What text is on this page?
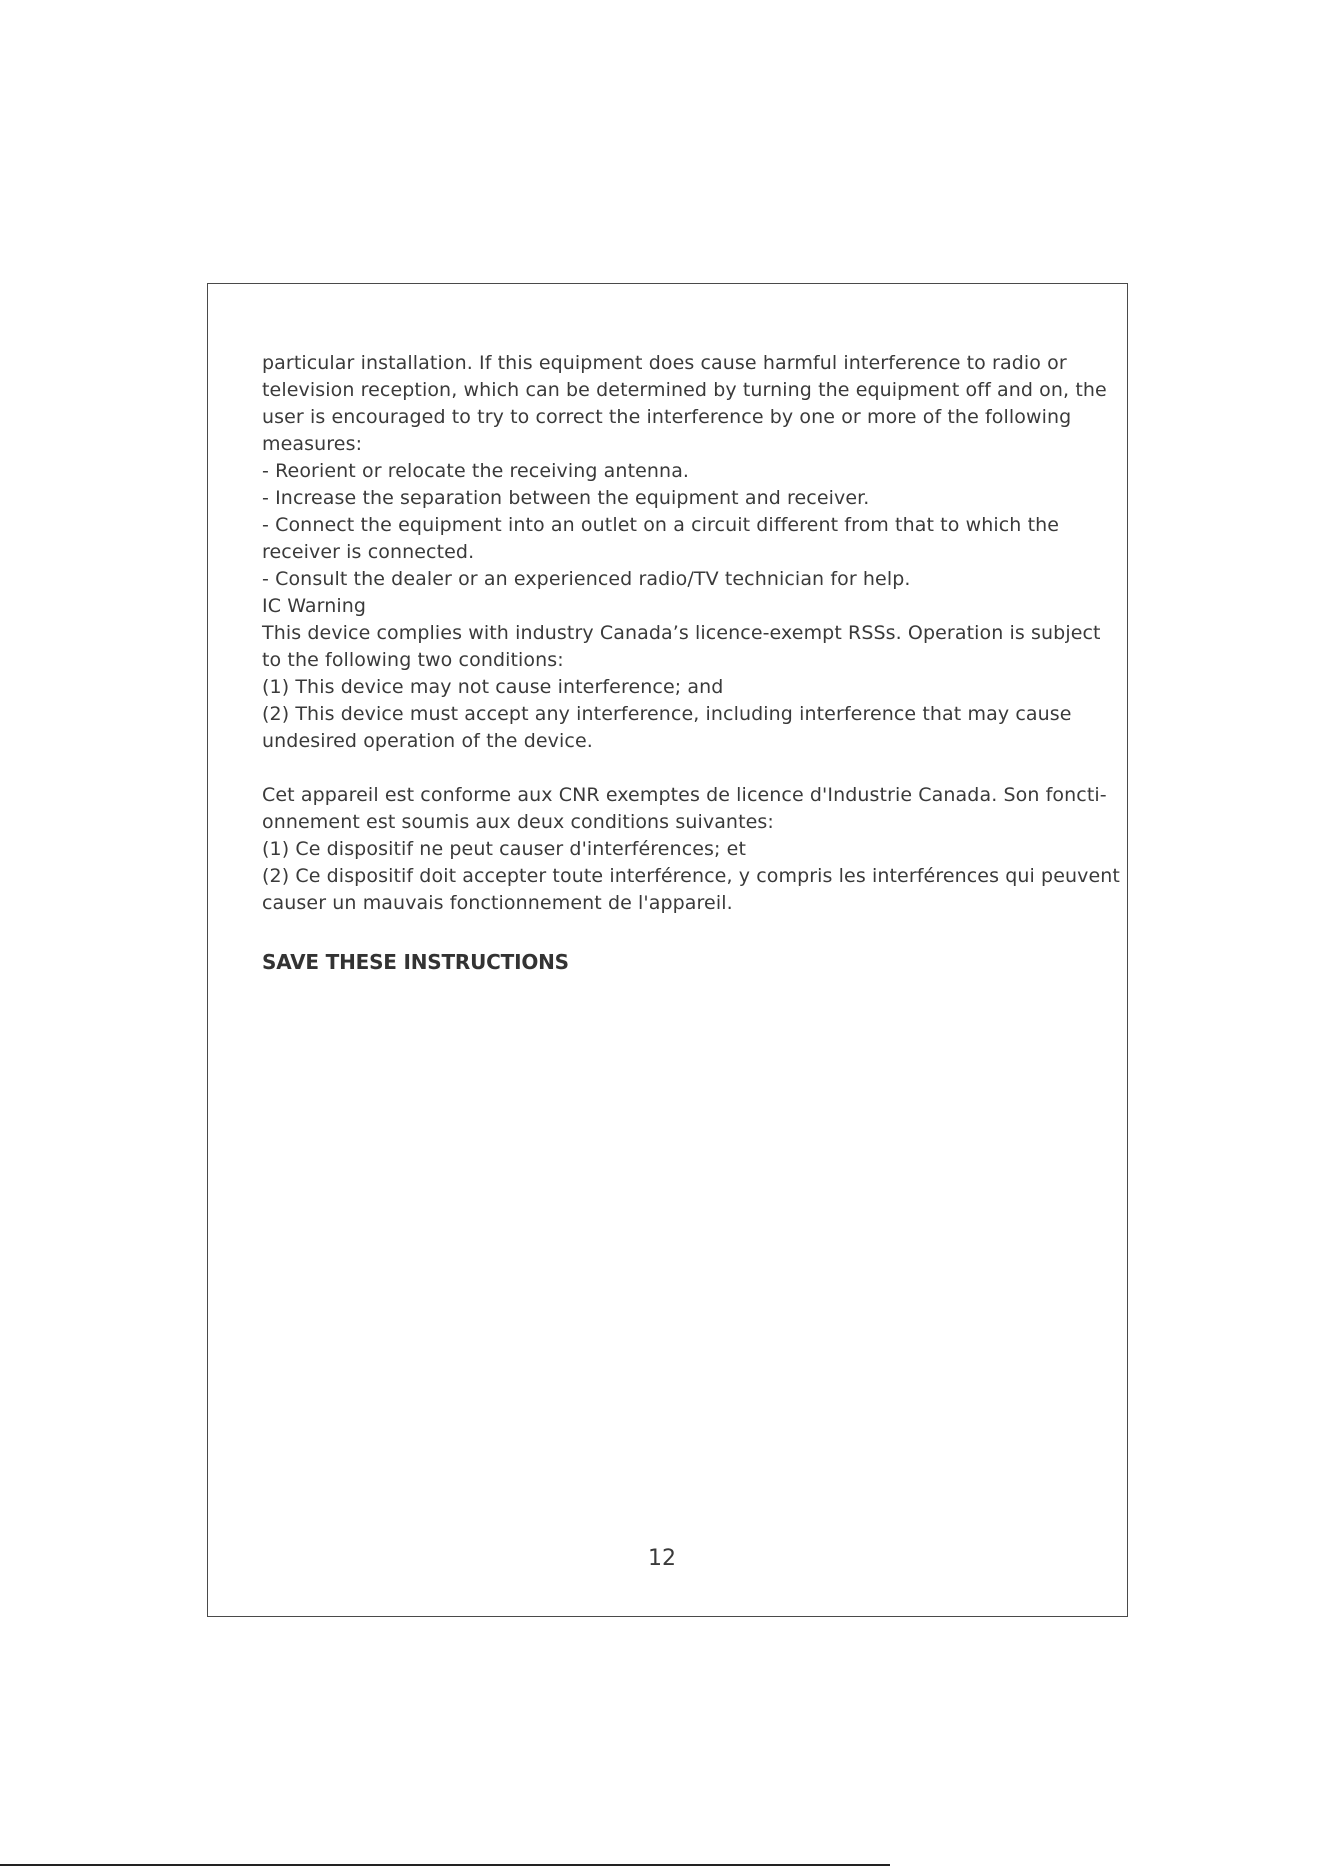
particular installation. If this equipment does cause harmful interference to radio or
television reception, which can be determined by turning the equipment off and on, the
user is encouraged to try to correct the interference by one or more of the following
measures:
- Reorient or relocate the receiving antenna.
- Increase the separation between the equipment and receiver.
- Connect the equipment into an outlet on a circuit different from that to which the
receiver is connected.
- Consult the dealer or an experienced radio/TV technician for help.
IC Warning
This device complies with industry Canada’s licence-exempt RSSs. Operation is subject
to the following two conditions:
(1) This device may not cause interference; and
(2) This device must accept any interference, including interference that may cause
undesired operation of the device.
Cet appareil est conforme aux CNR exemptes de licence d'Industrie Canada. Son foncti-
onnement est soumis aux deux conditions suivantes:
(1) Ce dispositif ne peut causer d'interférences; et
(2) Ce dispositif doit accepter toute interférence, y compris les interférences qui peuvent
causer un mauvais fonctionnement de l'appareil.
SAVE THESE INSTRUCTIONS
12
